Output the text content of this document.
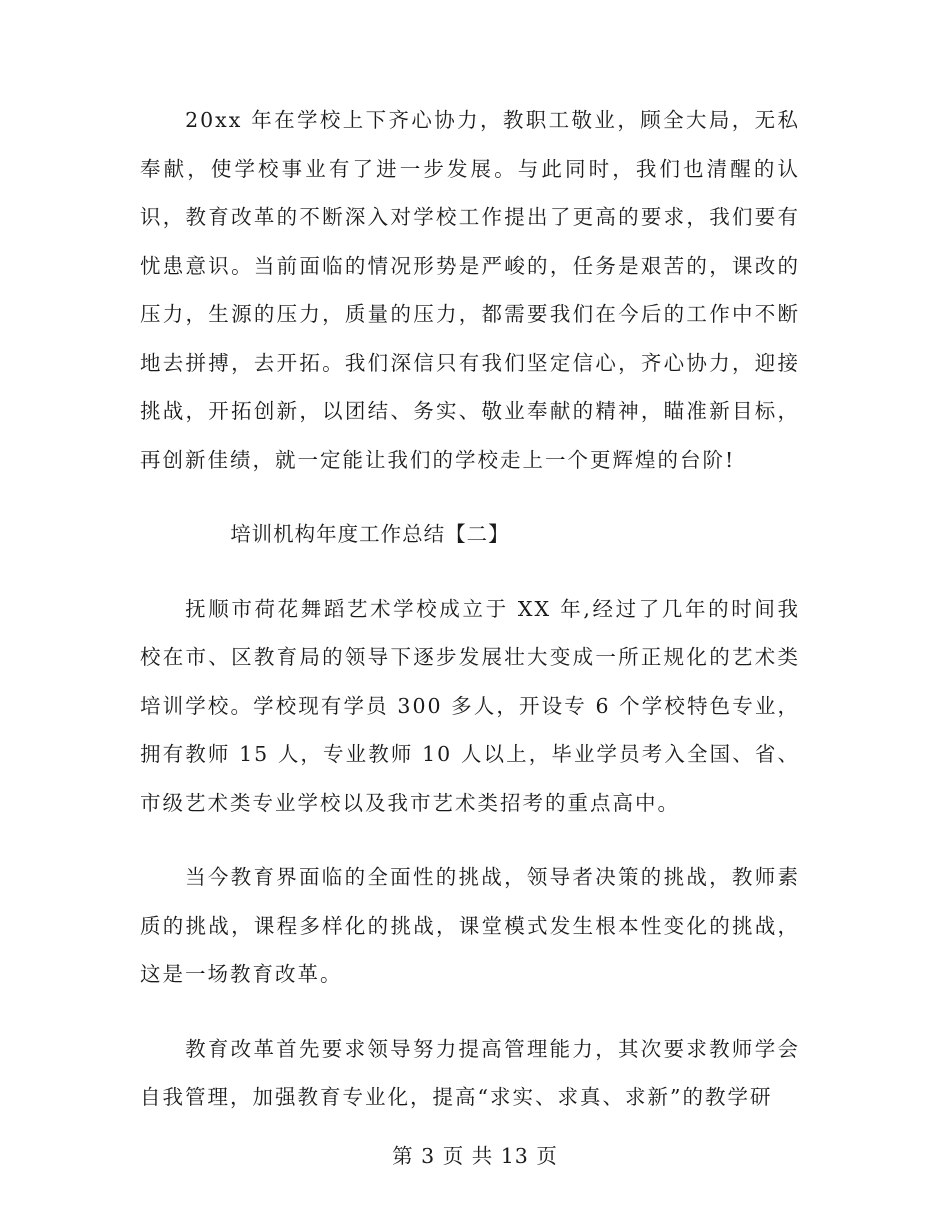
20xx 年在学校上下齐心协力，教职工敬业，顾全大局，无私奉献，使学校事业有了进一步发展。与此同时，我们也清醒的认识，教育改革的不断深入对学校工作提出了更高的要求，我们要有忧患意识。当前面临的情况形势是严峻的，任务是艰苦的，课改的压力，生源的压力，质量的压力，都需要我们在今后的工作中不断地去拼搏，去开拓。我们深信只有我们坚定信心，齐心协力，迎接挑战，开拓创新，以团结、务实、敬业奉献的精神，瞄准新目标，再创新佳绩，就一定能让我们的学校走上一个更辉煌的台阶!

培训机构年度工作总结【二】

抚顺市荷花舞蹈艺术学校成立于 XX 年,经过了几年的时间我校在市、区教育局的领导下逐步发展壮大变成一所正规化的艺术类培训学校。学校现有学员 300 多人，开设专 6 个学校特色专业，拥有教师 15 人，专业教师 10 人以上，毕业学员考入全国、省、市级艺术类专业学校以及我市艺术类招考的重点高中。

当今教育界面临的全面性的挑战，领导者决策的挑战，教师素质的挑战，课程多样化的挑战，课堂模式发生根本性变化的挑战，这是一场教育改革。

教育改革首先要求领导努力提高管理能力，其次要求教师学会自我管理，加强教育专业化，提高“求实、求真、求新”的教学研

第 3 页 共 13 页
